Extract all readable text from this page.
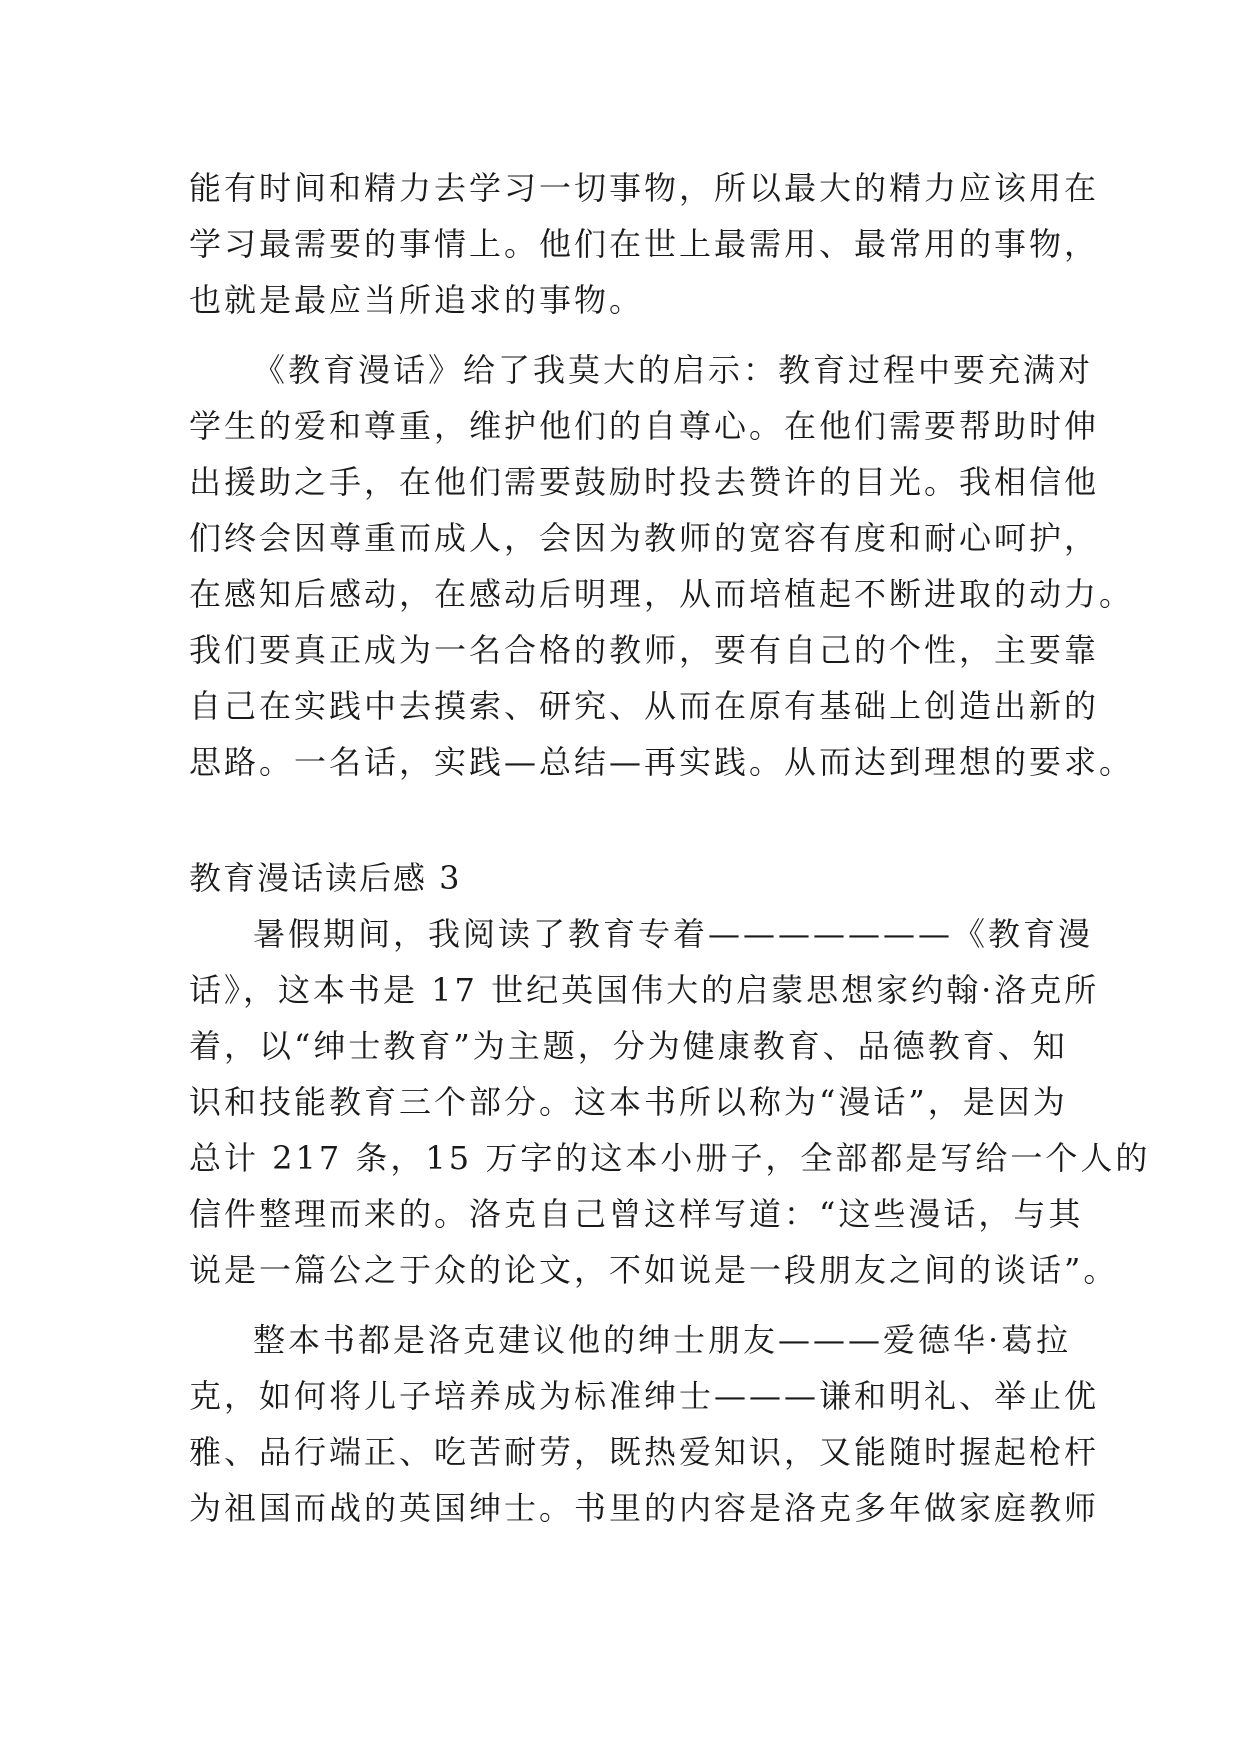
能有时间和精力去学习一切事物，所以最大的精力应该用在
学习最需要的事情上。他们在世上最需用、最常用的事物，
也就是最应当所追求的事物。
《教育漫话》给了我莫大的启示：教育过程中要充满对
学生的爱和尊重，维护他们的自尊心。在他们需要帮助时伸
出援助之手，在他们需要鼓励时投去赞许的目光。我相信他
们终会因尊重而成人，会因为教师的宽容有度和耐心呵护，
在感知后感动，在感动后明理，从而培植起不断进取的动力。
我们要真正成为一名合格的教师，要有自己的个性，主要靠
自己在实践中去摸索、研究、从而在原有基础上创造出新的
思路。一名话，实践—总结—再实践。从而达到理想的要求。
教育漫话读后感 3
暑假期间，我阅读了教育专着———————《教育漫
话》，这本书是 17 世纪英国伟大的启蒙思想家约翰·洛克所
着，以“绅士教育”为主题，分为健康教育、品德教育、知
识和技能教育三个部分。这本书所以称为“漫话”，是因为
总计 217 条，15 万字的这本小册子，全部都是写给一个人的
信件整理而来的。洛克自己曾这样写道：“这些漫话，与其
说是一篇公之于众的论文，不如说是一段朋友之间的谈话”。
整本书都是洛克建议他的绅士朋友———爱德华·葛拉
克，如何将儿子培养成为标准绅士———谦和明礼、举止优
雅、品行端正、吃苦耐劳，既热爱知识，又能随时握起枪杆
为祖国而战的英国绅士。书里的内容是洛克多年做家庭教师
